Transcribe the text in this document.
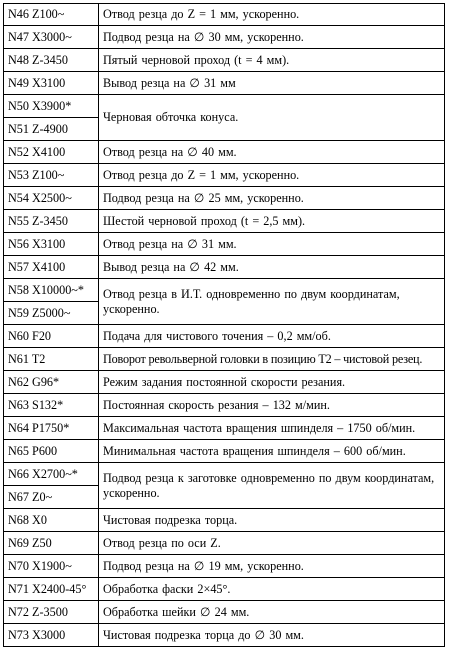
N46 Z100~	Отвод резца до Z = 1 мм, ускоренно.
N47 X3000~	Подвод резца на ∅ 30 мм, ускоренно.
N48 Z-3450	Пятый черновой проход (t = 4 мм).
N49 X3100	Вывод резца на ∅ 31 мм
N50 X3900*	Черновая обточка конуса.
N51 Z-4900	
N52 X4100	Отвод резца на ∅ 40 мм.
N53 Z100~	Отвод резца до Z = 1 мм, ускоренно.
N54 X2500~	Подвод резца на ∅ 25 мм, ускоренно.
N55 Z-3450	Шестой черновой проход (t = 2,5 мм).
N56 X3100	Отвод резца на ∅ 31 мм.
N57 X4100	Вывод резца на ∅ 42 мм.
N58 X10000~*	Отвод резца в И.Т. одновременно по двум координатам, ускоренно.
N59 Z5000~	
N60 F20	Подача для чистового точения – 0,2 мм/об.
N61 T2	Поворот револьверной головки в позицию Т2 – чистовой резец.
N62 G96*	Режим задания постоянной скорости резания.
N63 S132*	Постоянная скорость резания – 132 м/мин.
N64 P1750*	Максимальная частота вращения шпинделя – 1750 об/мин.
N65 P600	Минимальная частота вращения шпинделя – 600 об/мин.
N66 X2700~*	Подвод резца к заготовке одновременно по двум координатам, ускоренно.
N67 Z0~	
N68 X0	Чистовая подрезка торца.
N69 Z50	Отвод резца по оси Z.
N70 X1900~	Подвод резца на ∅ 19 мм, ускоренно.
N71 X2400-45°	Обработка фаски 2×45°.
N72 Z-3500	Обработка шейки ∅ 24 мм.
N73 X3000	Чистовая подрезка торца до ∅ 30 мм.
